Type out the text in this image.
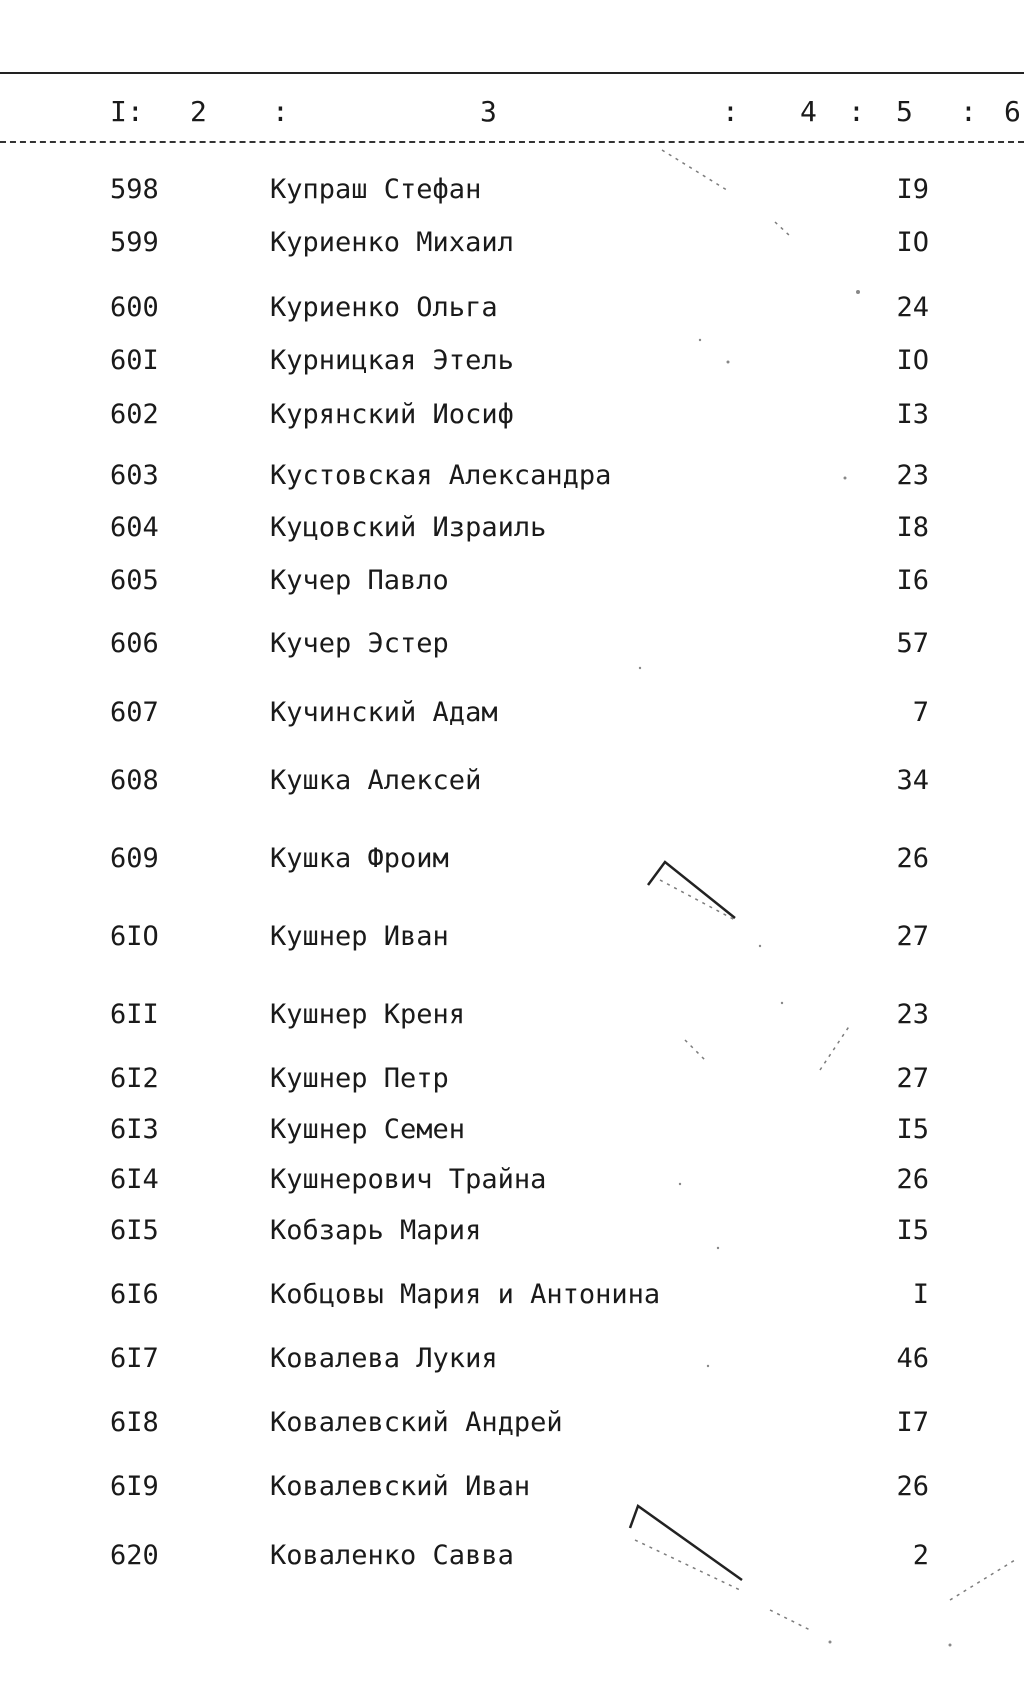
I: 2 :	3	: 4 : 5 : 6
598	Купраш Стефан	I9
599	Куриенко Михаил	IO
600	Куриенко Ольга	24
60I	Курницкая Этель	IO
602	Курянский Иосиф	I3
603	Кустовская Александра	23
604	Куцовский Израиль	I8
605	Кучер Павло	I6
606	Кучер Эстер	57
607	Кучинский Адам	7
608	Кушка Алексей	34
609	Кушка Фроим	26
6IO	Кушнер Иван	27
6II	Кушнер Креня	23
6I2	Кушнер Петр	27
6I3	Кушнер Семен	I5
6I4	Кушнерович Трайна	26
6I5	Кобзарь Мария	I5
6I6	Кобцовы Мария и Антонина	I
6I7	Ковалева Лукия	46
6I8	Ковалевский Андрей	I7
6I9	Ковалевский Иван	26
620	Коваленко Савва	2
